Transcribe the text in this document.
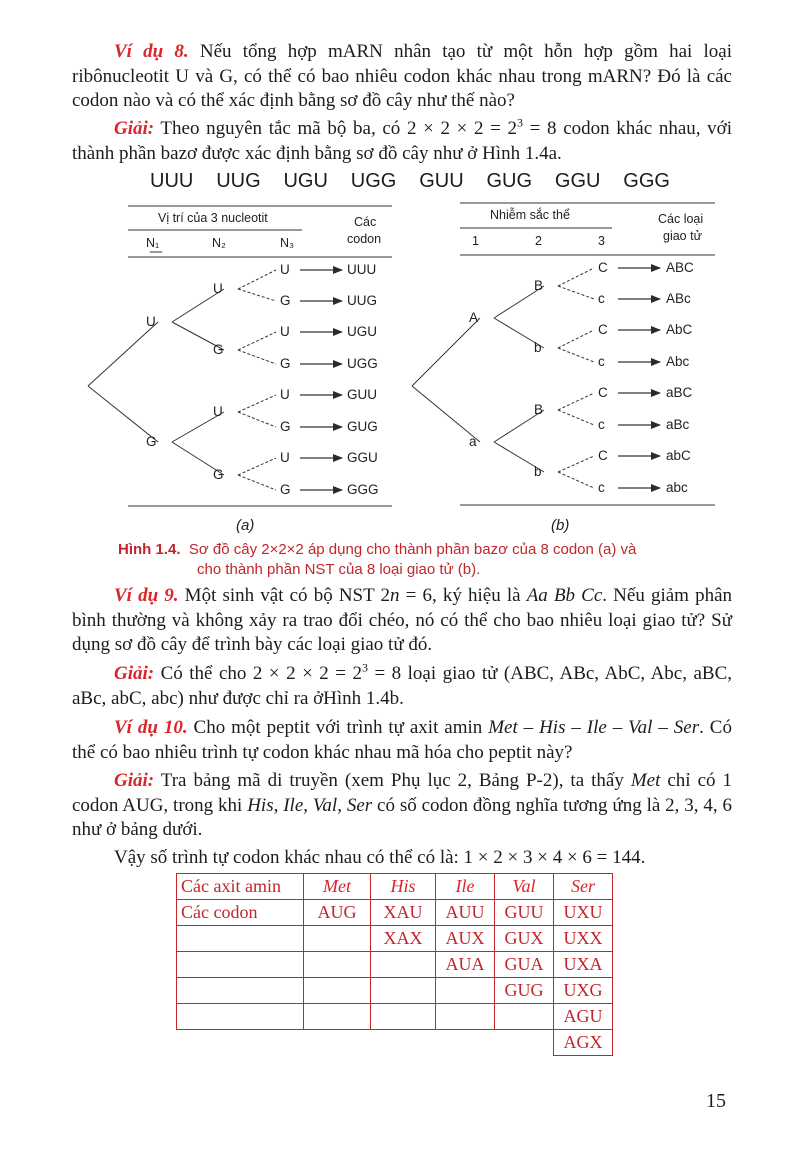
Ví dụ 8. Nếu tổng hợp mARN nhân tạo từ một hỗn hợp gồm hai loại ribônucleotit U và G, có thể có bao nhiêu codon khác nhau trong mARN? Đó là các codon nào và có thể xác định bằng sơ đồ cây như thế nào?

Giải: Theo nguyên tắc mã bộ ba, có $2 \times 2 \times 2 = 2^3 = 8$ codon khác nhau, với thành phần bazơ được xác định bằng sơ đồ cây như ở Hình 1.4a.

UUU UUG UGU UGG GUU GUG GGU GGG
Vị trí của 3 nucleotit	Các
codon
N₁	N₂	N₃
U
G
U
G
U
G
U
G
U
G
U
G
U
G
UUU
UUG
UGU
UGG
GUU
GUG
GGU
GGG
(a)
Nhiễm sắc thể	Các loại
giao tử
1	2	3
A
a
B
b
B
b
C
c
C
c
C
c
C
c
ABC
ABc
AbC
Abc
aBC
aBc
abC
abc
(b)
Hình 1.4. Sơ đồ cây 2×2×2 áp dụng cho thành phần bazơ của 8 codon (a) và
cho thành phần NST của 8 loại giao tử (b).

Ví dụ 9. Một sinh vật có bộ NST 2n = 6, ký hiệu là Aa Bb Cc. Nếu giảm phân bình thường và không xảy ra trao đổi chéo, nó có thể cho bao nhiêu loại giao tử? Sử dụng sơ đồ cây để trình bày các loại giao tử đó.

Giải: Có thể cho $2 \times 2 \times 2 = 2^3 = 8$ loại giao tử (ABC, ABc, AbC, Abc, aBC, aBc, abC, abc) như được chỉ ra ởHình 1.4b.

Ví dụ 10. Cho một peptit với trình tự axit amin Met – His – Ile – Val – Ser. Có thể có bao nhiêu trình tự codon khác nhau mã hóa cho peptit này?

Giải: Tra bảng mã di truyền (xem Phụ lục 2, Bảng P-2), ta thấy Met chỉ có 1 codon AUG, trong khi His, Ile, Val, Ser có số codon đồng nghĩa tương ứng là 2, 3, 4, 6 như ở bảng dưới.

Vậy số trình tự codon khác nhau có thể có là: 1 × 2 × 3 × 4 × 6 = 144.

Các axit amin	Met	His	Ile	Val	Ser
Các codon	AUG	XAU	AUU	GUU	UXU
		XAX	AUX	GUX	UXX
			AUA	GUA	UXA
				GUG	UXG
					AGU
					AGX
15
